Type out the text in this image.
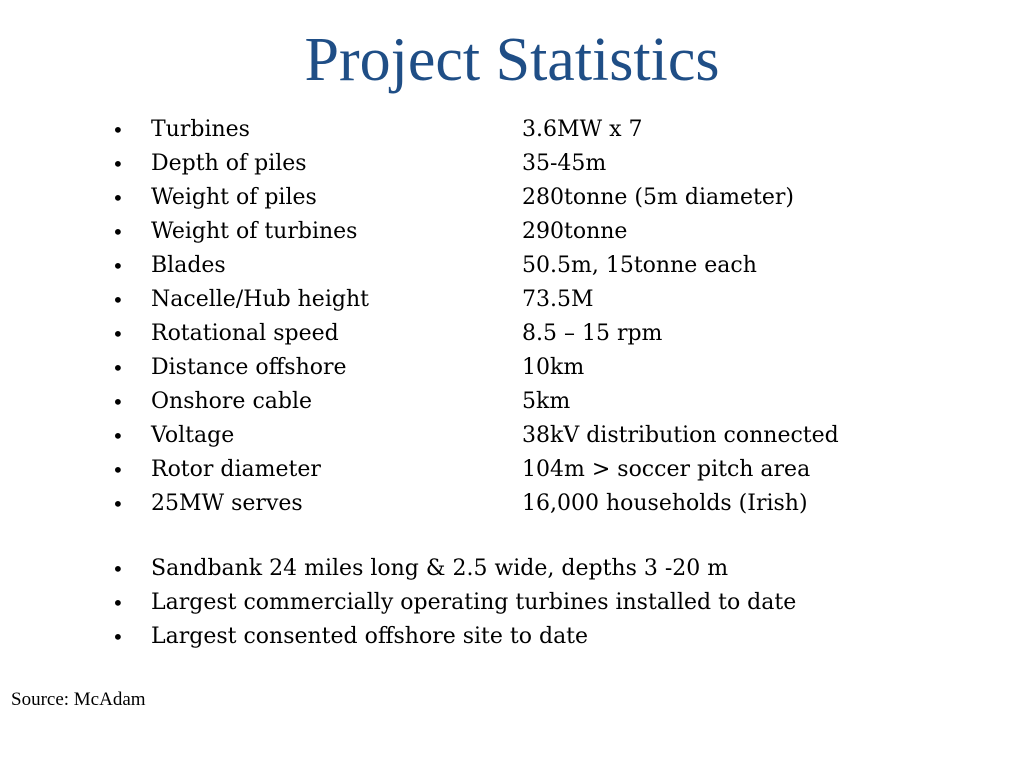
Project Statistics
• Turbines	3.6MW x 7
• Depth of piles	35-45m
• Weight of piles	280tonne (5m diameter)
• Weight of turbines	290tonne
• Blades	50.5m, 15tonne each
• Nacelle/Hub height	73.5M
• Rotational speed	8.5 – 15 rpm
• Distance offshore	10km
• Onshore cable	5km
• Voltage	38kV distribution connected
• Rotor diameter	104m > soccer pitch area
• 25MW serves	16,000 households (Irish)
• Sandbank 24 miles long & 2.5 wide, depths 3 -20 m
• Largest commercially operating turbines installed to date
• Largest consented offshore site to date
Source: McAdam
